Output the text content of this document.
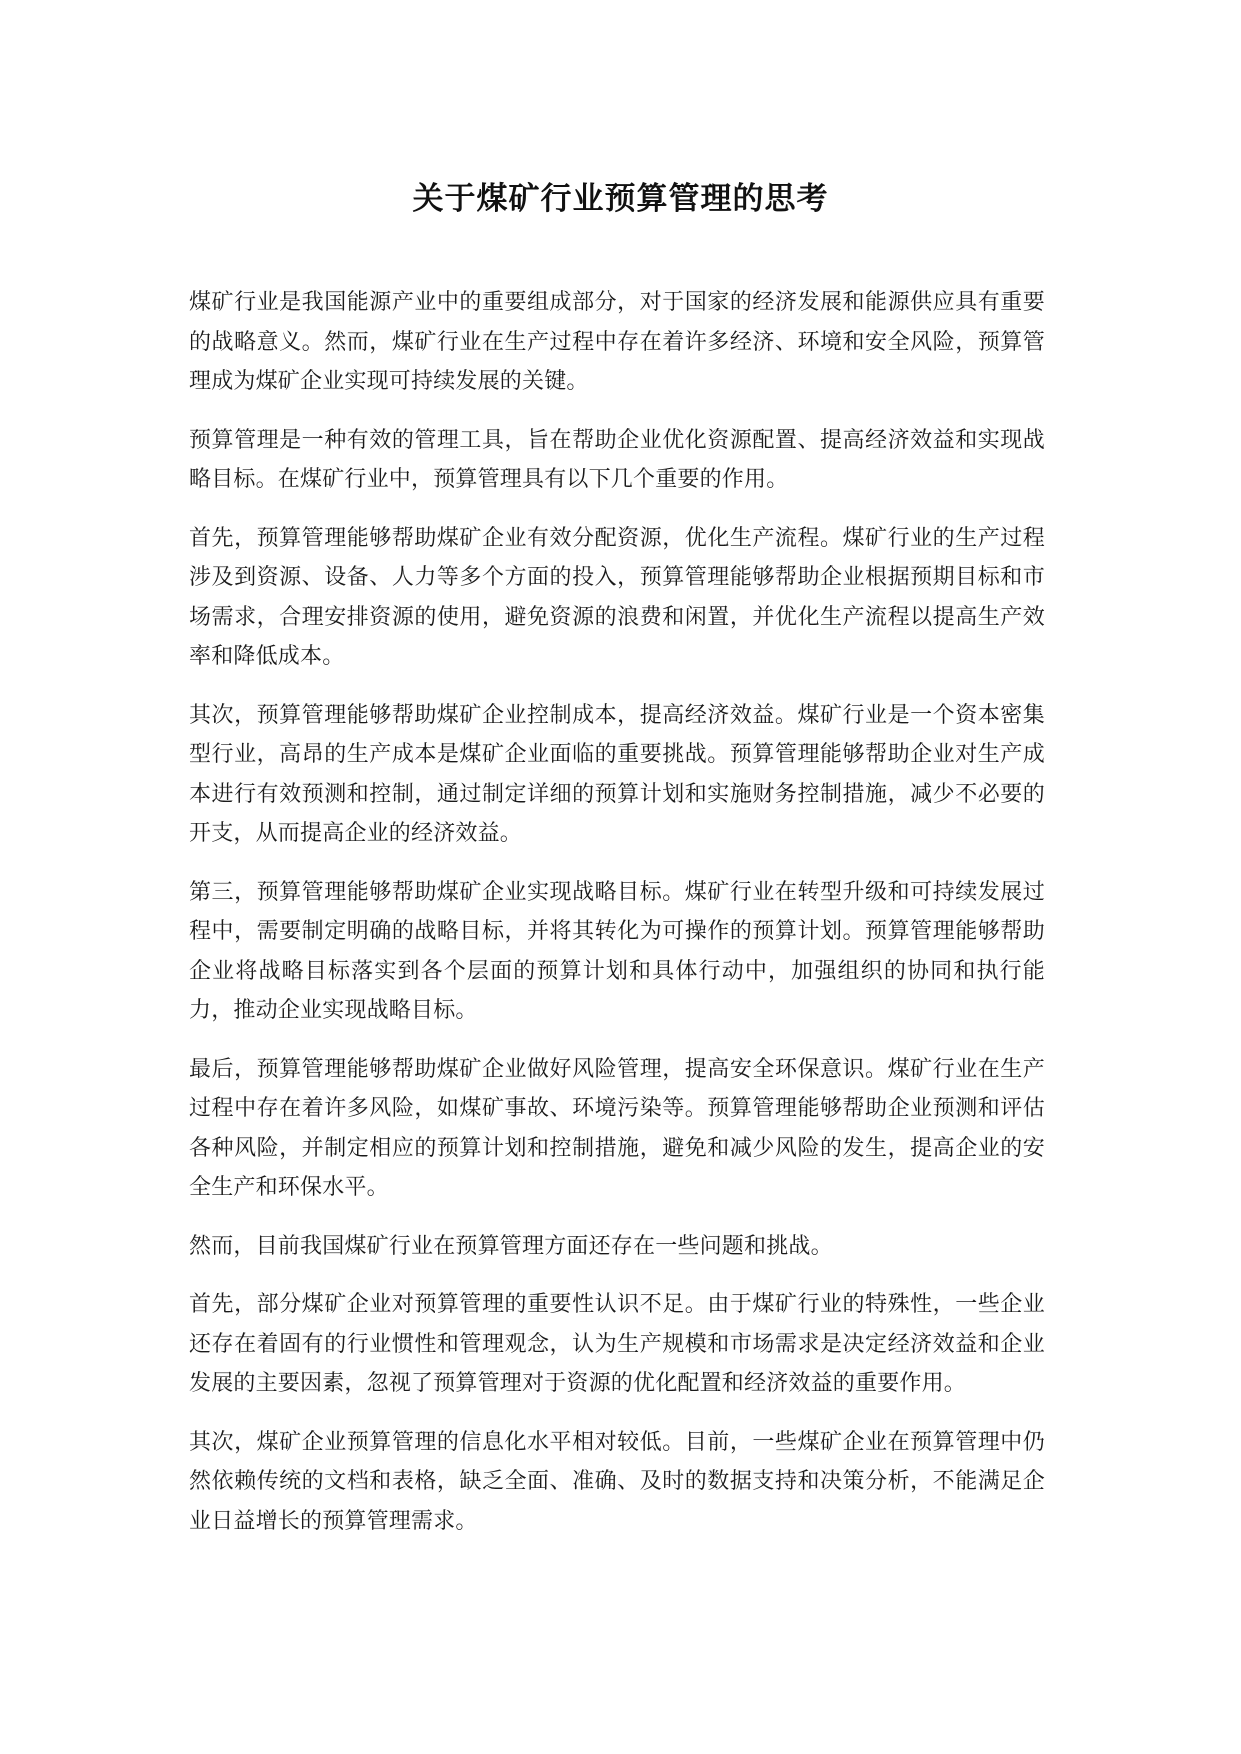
关于煤矿行业预算管理的思考

煤矿行业是我国能源产业中的重要组成部分，对于国家的经济发展和能源供应具有重要的战略意义。然而，煤矿行业在生产过程中存在着许多经济、环境和安全风险，预算管理成为煤矿企业实现可持续发展的关键。

预算管理是一种有效的管理工具，旨在帮助企业优化资源配置、提高经济效益和实现战略目标。在煤矿行业中，预算管理具有以下几个重要的作用。

首先，预算管理能够帮助煤矿企业有效分配资源，优化生产流程。煤矿行业的生产过程涉及到资源、设备、人力等多个方面的投入，预算管理能够帮助企业根据预期目标和市场需求，合理安排资源的使用，避免资源的浪费和闲置，并优化生产流程以提高生产效率和降低成本。

其次，预算管理能够帮助煤矿企业控制成本，提高经济效益。煤矿行业是一个资本密集型行业，高昂的生产成本是煤矿企业面临的重要挑战。预算管理能够帮助企业对生产成本进行有效预测和控制，通过制定详细的预算计划和实施财务控制措施，减少不必要的开支，从而提高企业的经济效益。

第三，预算管理能够帮助煤矿企业实现战略目标。煤矿行业在转型升级和可持续发展过程中，需要制定明确的战略目标，并将其转化为可操作的预算计划。预算管理能够帮助企业将战略目标落实到各个层面的预算计划和具体行动中，加强组织的协同和执行能力，推动企业实现战略目标。

最后，预算管理能够帮助煤矿企业做好风险管理，提高安全环保意识。煤矿行业在生产过程中存在着许多风险，如煤矿事故、环境污染等。预算管理能够帮助企业预测和评估各种风险，并制定相应的预算计划和控制措施，避免和减少风险的发生，提高企业的安全生产和环保水平。

然而，目前我国煤矿行业在预算管理方面还存在一些问题和挑战。

首先，部分煤矿企业对预算管理的重要性认识不足。由于煤矿行业的特殊性，一些企业还存在着固有的行业惯性和管理观念，认为生产规模和市场需求是决定经济效益和企业发展的主要因素，忽视了预算管理对于资源的优化配置和经济效益的重要作用。

其次，煤矿企业预算管理的信息化水平相对较低。目前，一些煤矿企业在预算管理中仍然依赖传统的文档和表格，缺乏全面、准确、及时的数据支持和决策分析，不能满足企业日益增长的预算管理需求。
